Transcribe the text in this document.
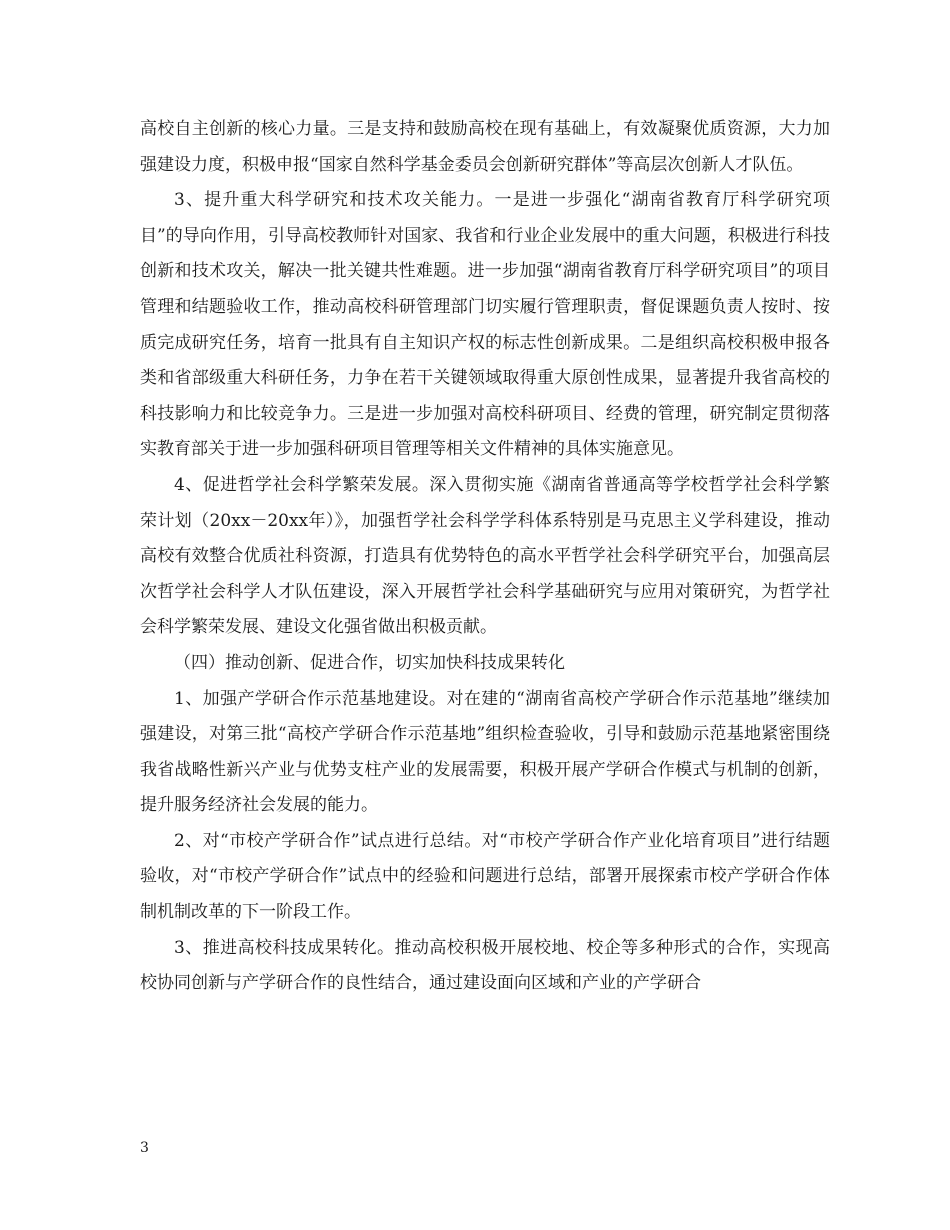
高校自主创新的核心力量。三是支持和鼓励高校在现有基础上，有效凝聚优质资源，大力加强建设力度，积极申报“国家自然科学基金委员会创新研究群体”等高层次创新人才队伍。

3、提升重大科学研究和技术攻关能力。一是进一步强化“湖南省教育厅科学研究项目”的导向作用，引导高校教师针对国家、我省和行业企业发展中的重大问题，积极进行科技创新和技术攻关，解决一批关键共性难题。进一步加强“湖南省教育厅科学研究项目”的项目管理和结题验收工作，推动高校科研管理部门切实履行管理职责，督促课题负责人按时、按质完成研究任务，培育一批具有自主知识产权的标志性创新成果。二是组织高校积极申报各类和省部级重大科研任务，力争在若干关键领域取得重大原创性成果，显著提升我省高校的科技影响力和比较竞争力。三是进一步加强对高校科研项目、经费的管理，研究制定贯彻落实教育部关于进一步加强科研项目管理等相关文件精神的具体实施意见。

4、促进哲学社会科学繁荣发展。深入贯彻实施《湖南省普通高等学校哲学社会科学繁荣计划（20xx－20xx年）》，加强哲学社会科学学科体系特别是马克思主义学科建设，推动高校有效整合优质社科资源，打造具有优势特色的高水平哲学社会科学研究平台，加强高层次哲学社会科学人才队伍建设，深入开展哲学社会科学基础研究与应用对策研究，为哲学社会科学繁荣发展、建设文化强省做出积极贡献。

（四）推动创新、促进合作，切实加快科技成果转化

1、加强产学研合作示范基地建设。对在建的“湖南省高校产学研合作示范基地”继续加强建设，对第三批“高校产学研合作示范基地”组织检查验收，引导和鼓励示范基地紧密围绕我省战略性新兴产业与优势支柱产业的发展需要，积极开展产学研合作模式与机制的创新，提升服务经济社会发展的能力。

2、对“市校产学研合作”试点进行总结。对“市校产学研合作产业化培育项目”进行结题验收，对“市校产学研合作”试点中的经验和问题进行总结，部署开展探索市校产学研合作体制机制改革的下一阶段工作。

3、推进高校科技成果转化。推动高校积极开展校地、校企等多种形式的合作，实现高校协同创新与产学研合作的良性结合，通过建设面向区域和产业的产学研合

3
